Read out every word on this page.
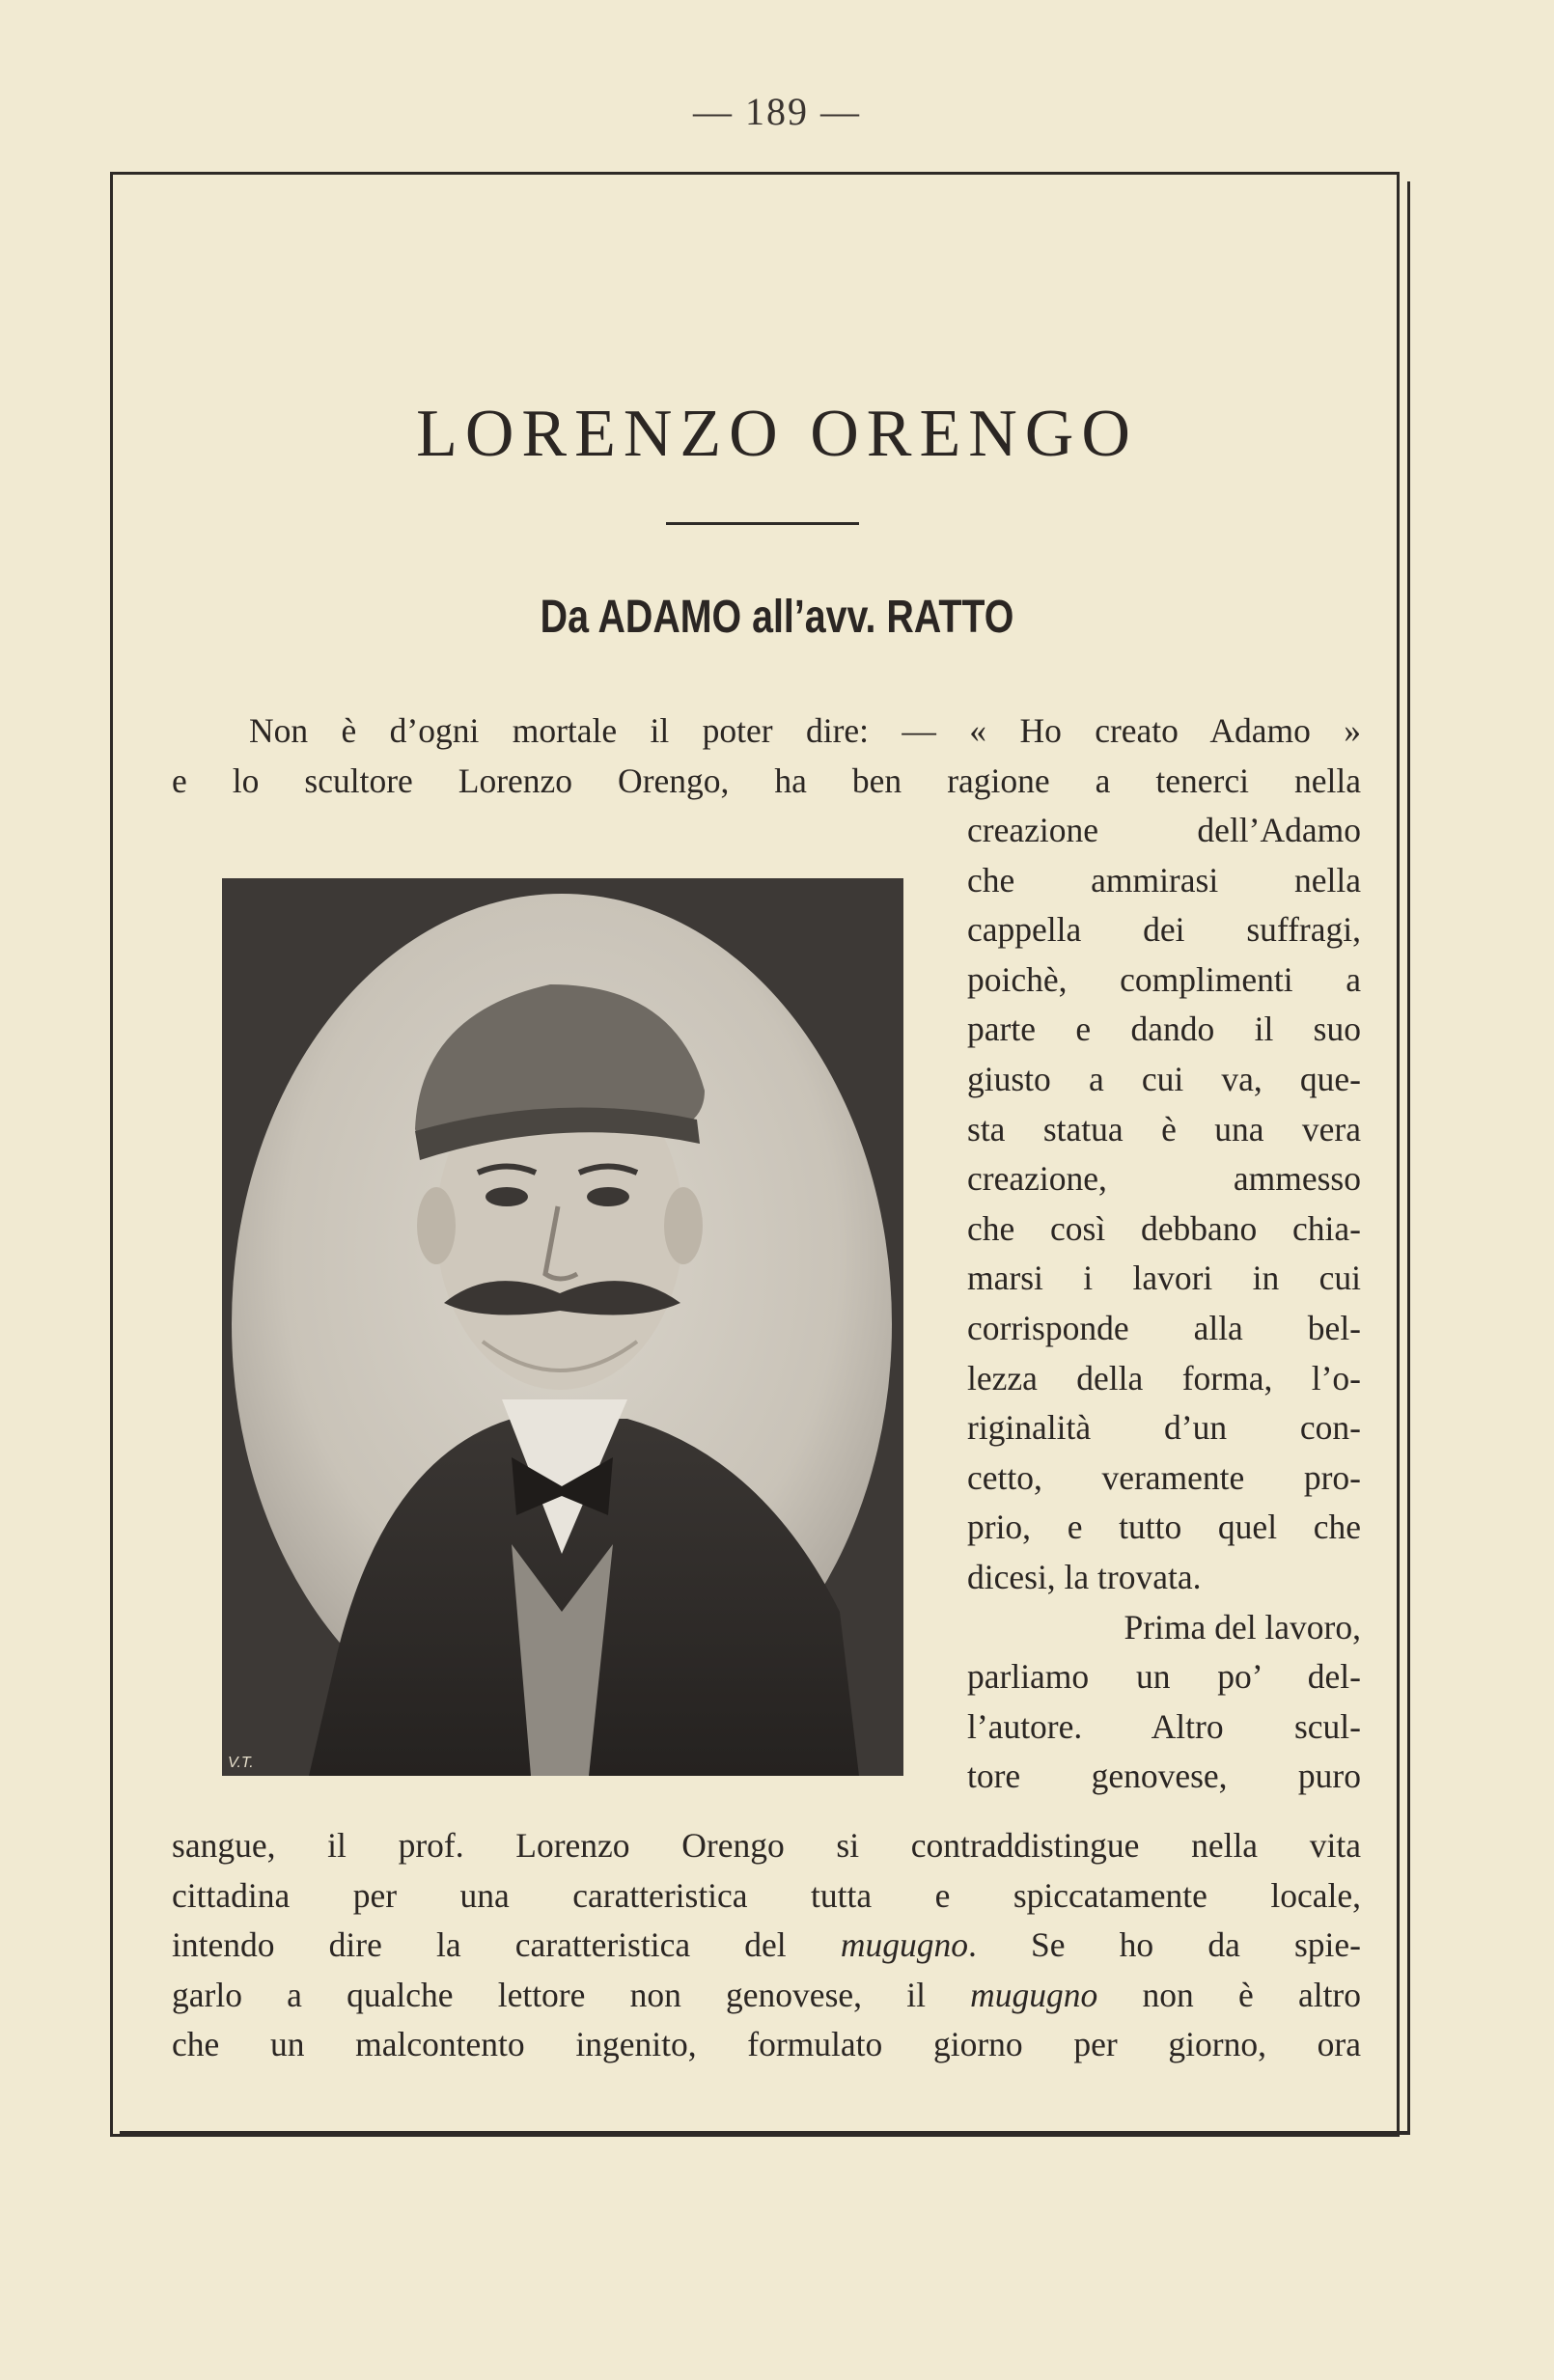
— 189 —
LORENZO ORENGO
Da ADAMO all’avv. RATTO
Non è d’ogni mortale il poter dire: — « Ho creato Adamo »
e lo scultore Lorenzo Orengo, ha ben ragione a tenerci nella
creazione dell’Adamo
che ammirasi nella
cappella dei suffragi,
poichè, complimenti a
parte e dando il suo
giusto a cui va, que-
sta statua è una vera
creazione, ammesso
che così debbano chia-
marsi i lavori in cui
corrisponde alla bel-
lezza della forma, l’o-
riginalità d’un con-
cetto, veramente pro-
prio, e tutto quel che
dicesi, la trovata.
Prima del lavoro,
parliamo un po’ del-
l’autore. Altro scul-
tore genovese, puro
V.T.
sangue, il prof. Lorenzo Orengo si contraddistingue nella vita
cittadina per una caratteristica tutta e spiccatamente locale,
intendo dire la caratteristica del mugugno. Se ho da spie-
garlo a qualche lettore non genovese, il mugugno non è altro
che un malcontento ingenito, formulato giorno per giorno, ora
